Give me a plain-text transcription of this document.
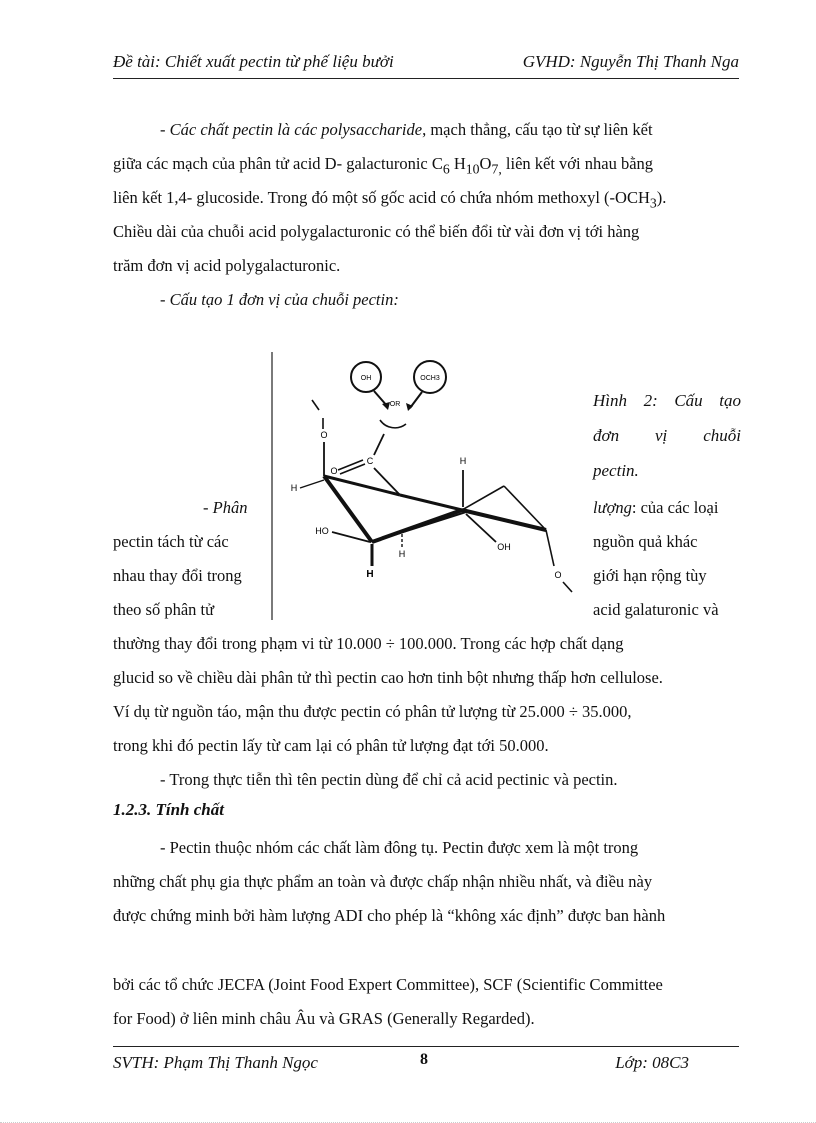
Đề tài: Chiết xuất pectin từ phế liệu bưởi	GVHD: Nguyễn Thị Thanh Nga
- Các chất pectin là các polysaccharide, mạch thẳng, cấu tạo từ sự liên kết
giữa các mạch của phân tử acid D- galacturonic $C_6$ $H_{10}O_{7,}$ liên kết với nhau bằng
liên kết 1,4- glucoside. Trong đó một số gốc acid có chứa nhóm methoxyl $(-OCH_3)$.
Chiều dài của chuỗi acid polygalacturonic có thể biến đổi từ vài đơn vị tới hàng
trăm đơn vị acid polygalacturonic.
- Cấu tạo 1 đơn vị của chuỗi pectin:
OH	OCH3
OR
O
C
O
H
H
HO
H
OH
H	O
Hình 2: Cấu tạo
đơn vị chuỗi
pectin.
- Phân	lượng: của các loại
pectin tách từ các	nguồn quả khác
nhau thay đổi trong	giới hạn rộng tùy
theo số phân tử	acid galaturonic và
thường thay đổi trong phạm vi từ 10.000 ÷ 100.000. Trong các hợp chất dạng
glucid so về chiều dài phân tử thì pectin cao hơn tinh bột nhưng thấp hơn cellulose.
Ví dụ từ nguồn táo, mận thu được pectin có phân tử lượng từ 25.000 ÷ 35.000,
trong khi đó pectin lấy từ cam lại có phân tử lượng đạt tới 50.000.
- Trong thực tiễn thì tên pectin dùng để chỉ cả acid pectinic và pectin.
1.2.3. Tính chất
- Pectin thuộc nhóm các chất làm đông tụ. Pectin được xem là một trong
những chất phụ gia thực phẩm an toàn và được chấp nhận nhiều nhất, và điều này
được chứng minh bởi hàm lượng ADI cho phép là “không xác định” được ban hành
bởi các tổ chức JECFA (Joint Food Expert Committee), SCF (Scientific Committee
for Food) ở liên minh châu Âu và GRAS (Generally Regarded).
SVTH: Phạm Thị Thanh Ngọc	8	Lớp: 08C3
